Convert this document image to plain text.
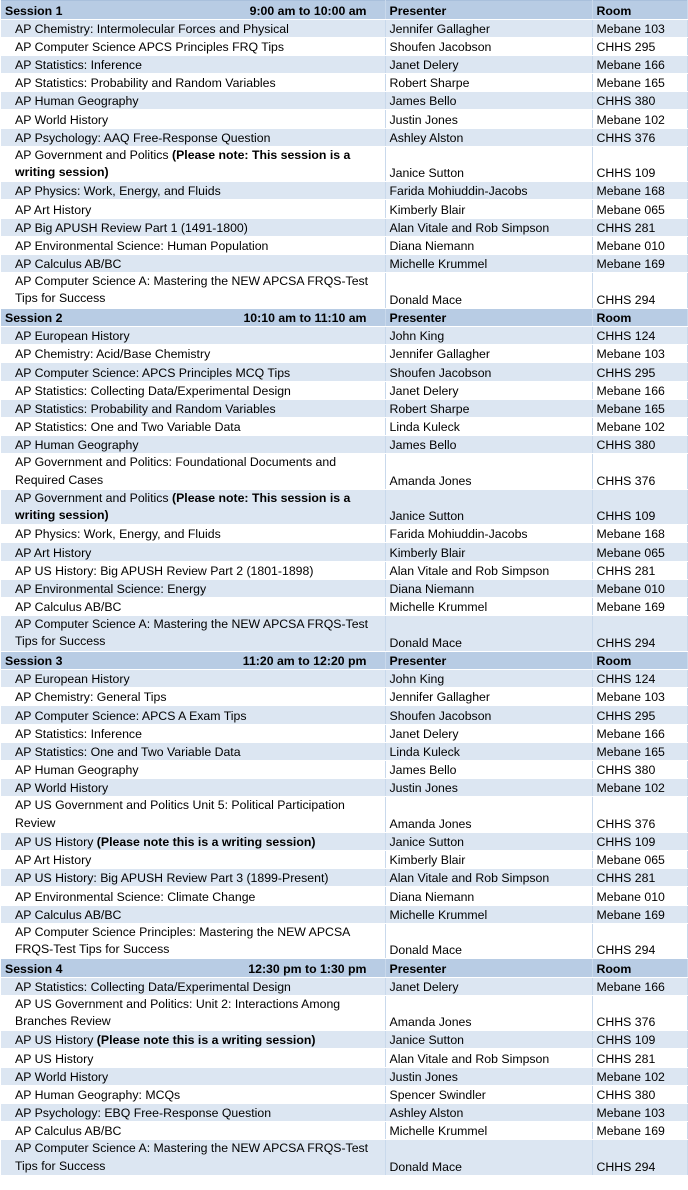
Session 1 9:00 am to 10:00 am	Presenter	Room
AP Chemistry: Intermolecular Forces and Physical	Jennifer Gallagher	Mebane 103
AP Computer Science APCS Principles FRQ Tips	Shoufen Jacobson	CHHS 295
AP Statistics: Inference	Janet Delery	Mebane 166
AP Statistics: Probability and Random Variables	Robert Sharpe	Mebane 165
AP Human Geography	James Bello	CHHS 380
AP World History	Justin Jones	Mebane 102
AP Psychology: AAQ Free-Response Question	Ashley Alston	CHHS 376
AP Government and Politics (Please note: This session is a writing session)	Janice Sutton	CHHS 109
AP Physics: Work, Energy, and Fluids	Farida Mohiuddin-Jacobs	Mebane 168
AP Art History	Kimberly Blair	Mebane 065
AP Big APUSH Review Part 1 (1491-1800)	Alan Vitale and Rob Simpson	CHHS 281
AP Environmental Science: Human Population	Diana Niemann	Mebane 010
AP Calculus AB/BC	Michelle Krummel	Mebane 169
AP Computer Science A: Mastering the NEW APCSA FRQS-Test Tips for Success	Donald Mace	CHHS 294

Session 2 10:10 am to 11:10 am	Presenter	Room
AP European History	John King	CHHS 124
AP Chemistry: Acid/Base Chemistry	Jennifer Gallagher	Mebane 103
AP Computer Science: APCS Principles MCQ Tips	Shoufen Jacobson	CHHS 295
AP Statistics: Collecting Data/Experimental Design	Janet Delery	Mebane 166
AP Statistics: Probability and Random Variables	Robert Sharpe	Mebane 165
AP Statistics: One and Two Variable Data	Linda Kuleck	Mebane 102
AP Human Geography	James Bello	CHHS 380
AP Government and Politics: Foundational Documents and Required Cases	Amanda Jones	CHHS 376
AP Government and Politics (Please note: This session is a writing session)	Janice Sutton	CHHS 109
AP Physics: Work, Energy, and Fluids	Farida Mohiuddin-Jacobs	Mebane 168
AP Art History	Kimberly Blair	Mebane 065
AP US History: Big APUSH Review Part 2 (1801-1898)	Alan Vitale and Rob Simpson	CHHS 281
AP Environmental Science: Energy	Diana Niemann	Mebane 010
AP Calculus AB/BC	Michelle Krummel	Mebane 169
AP Computer Science A: Mastering the NEW APCSA FRQS-Test Tips for Success	Donald Mace	CHHS 294

Session 3 11:20 am to 12:20 pm	Presenter	Room
AP European History	John King	CHHS 124
AP Chemistry: General Tips	Jennifer Gallagher	Mebane 103
AP Computer Science: APCS A Exam Tips	Shoufen Jacobson	CHHS 295
AP Statistics: Inference	Janet Delery	Mebane 166
AP Statistics: One and Two Variable Data	Linda Kuleck	Mebane 165
AP Human Geography	James Bello	CHHS 380
AP World History	Justin Jones	Mebane 102
AP US Government and Politics Unit 5: Political Participation Review	Amanda Jones	CHHS 376
AP US History (Please note this is a writing session)	Janice Sutton	CHHS 109
AP Art History	Kimberly Blair	Mebane 065
AP US History: Big APUSH Review Part 3 (1899-Present)	Alan Vitale and Rob Simpson	CHHS 281
AP Environmental Science: Climate Change	Diana Niemann	Mebane 010
AP Calculus AB/BC	Michelle Krummel	Mebane 169
AP Computer Science Principles: Mastering the NEW APCSA FRQS-Test Tips for Success	Donald Mace	CHHS 294

Session 4 12:30 pm to 1:30 pm	Presenter	Room
AP Statistics: Collecting Data/Experimental Design	Janet Delery	Mebane 166
AP US Government and Politics: Unit 2: Interactions Among Branches Review	Amanda Jones	CHHS 376
AP US History (Please note this is a writing session)	Janice Sutton	CHHS 109
AP US History	Alan Vitale and Rob Simpson	CHHS 281
AP World History	Justin Jones	Mebane 102
AP Human Geography: MCQs	Spencer Swindler	CHHS 380
AP Psychology: EBQ Free-Response Question	Ashley Alston	Mebane 103
AP Calculus AB/BC	Michelle Krummel	Mebane 169
AP Computer Science A: Mastering the NEW APCSA FRQS-Test Tips for Success	Donald Mace	CHHS 294
